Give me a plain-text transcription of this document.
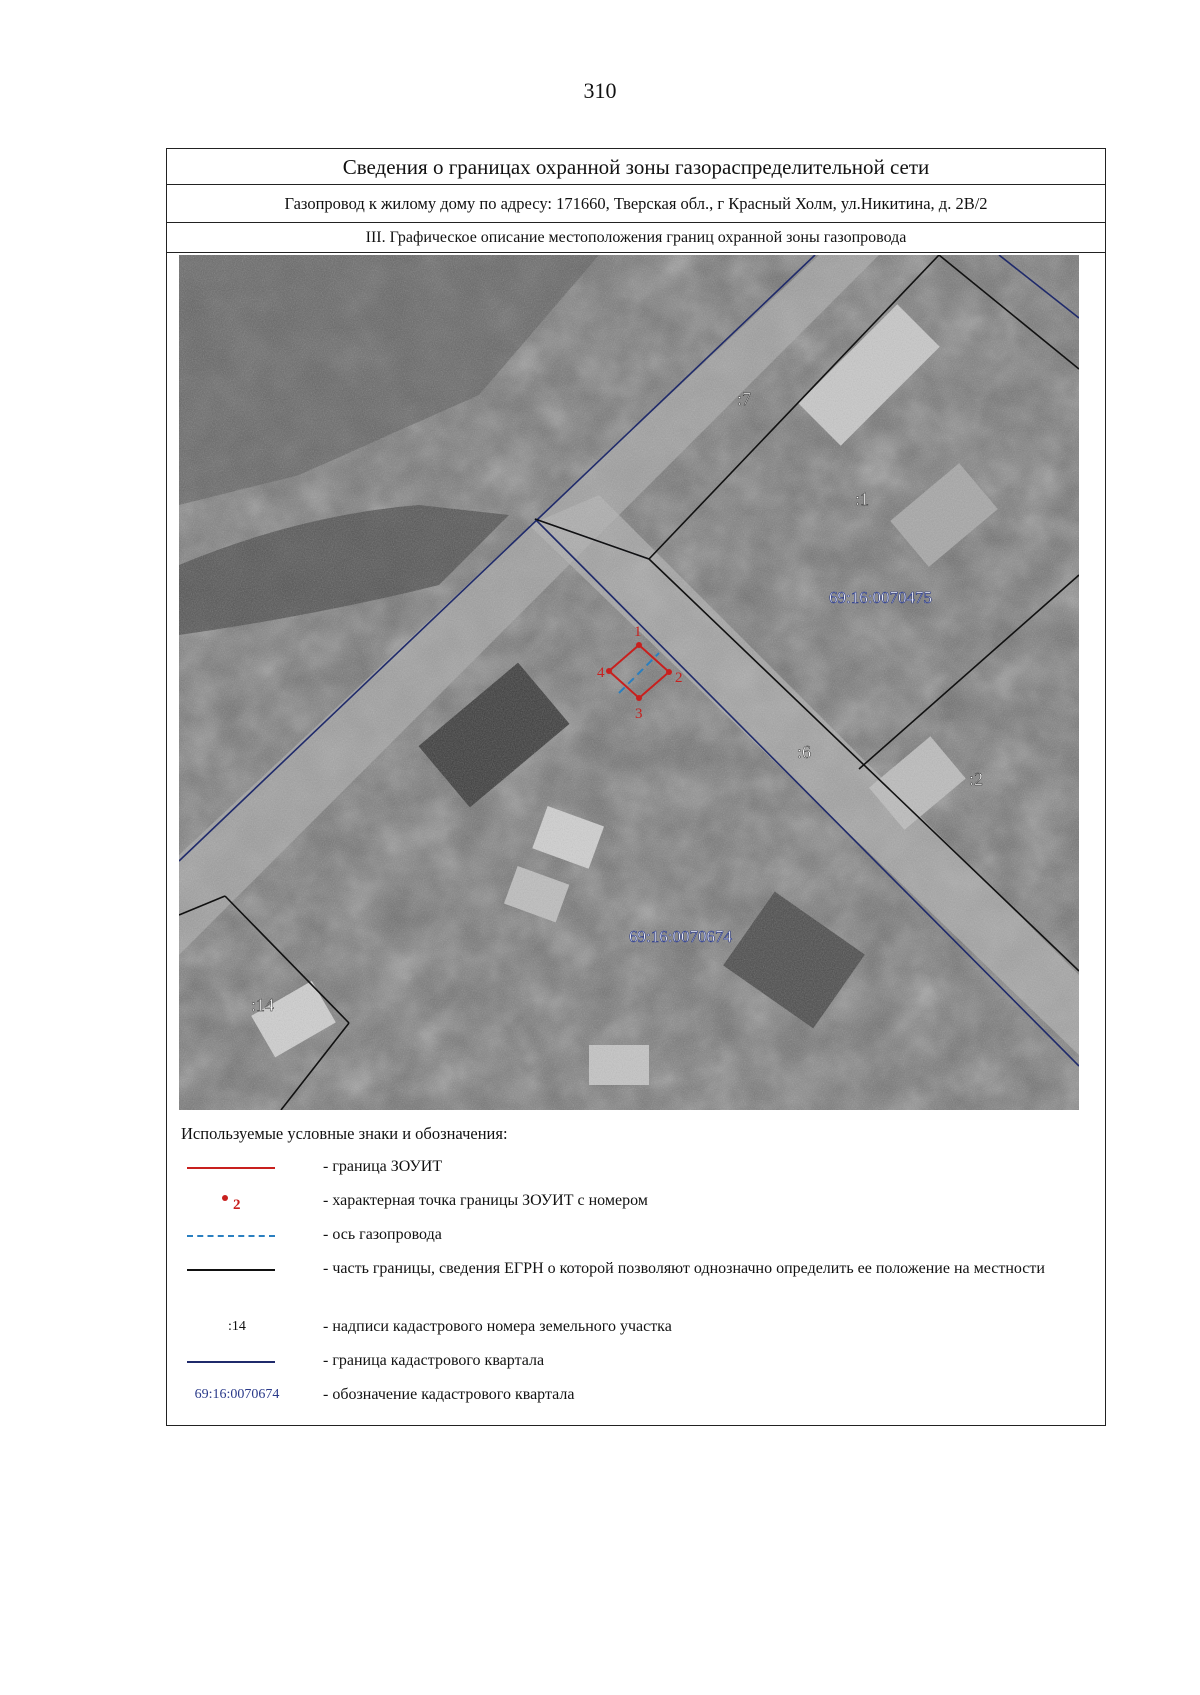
310
Сведения о границах охранной зоны газораспределительной сети
Газопровод к жилому дому по адресу: 171660, Тверская обл., г Красный Холм, ул.Никитина, д. 2В/2
III. Графическое описание местоположения границ охранной зоны газопровода
1
2
3
4
:7
:1
:6
:2
:14
69:16:0070475
69:16:0070674
Используемые условные знаки и обозначения:
- граница ЗОУИТ
2	- характерная точка границы ЗОУИТ с номером
- ось газопровода
- часть границы, сведения ЕГРН о которой позволяют однозначно определить ее положение на местности
:14	- надписи кадастрового номера земельного участка
- граница кадастрового квартала
69:16:0070674	- обозначение кадастрового квартала
